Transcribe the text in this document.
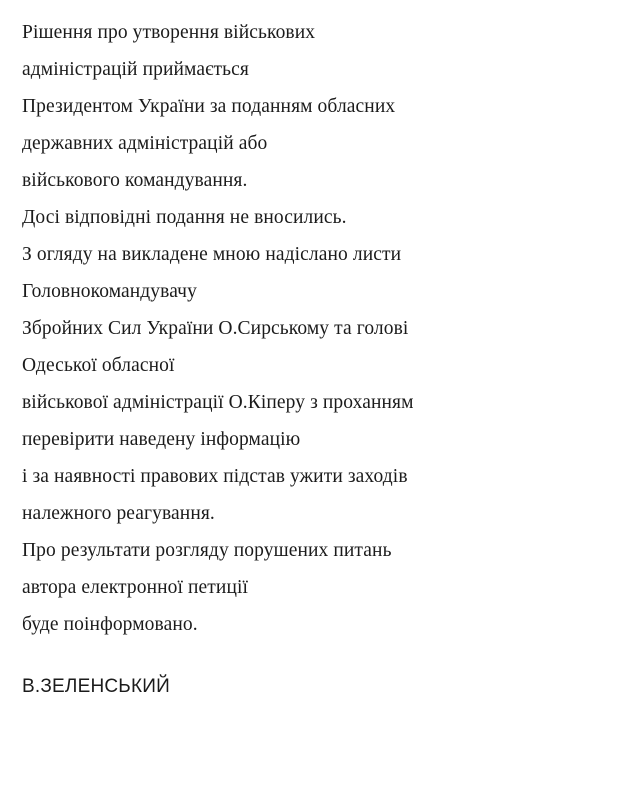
Рішення про утворення військових
адміністрацій приймається
Президентом України за поданням обласних
державних адміністрацій або
військового командування.
Досі відповідні подання не вносились.
З огляду на викладене мною надіслано листи
Головнокомандувачу
Збройних Сил України О.Сирському та голові
Одеської обласної
військової адміністрації О.Кіперу з проханням
перевірити наведену інформацію
і за наявності правових підстав ужити заходів
належного реагування.
Про результати розгляду порушених питань
автора електронної петиції
буде поінформовано.
В.ЗЕЛЕНСЬКИЙ
